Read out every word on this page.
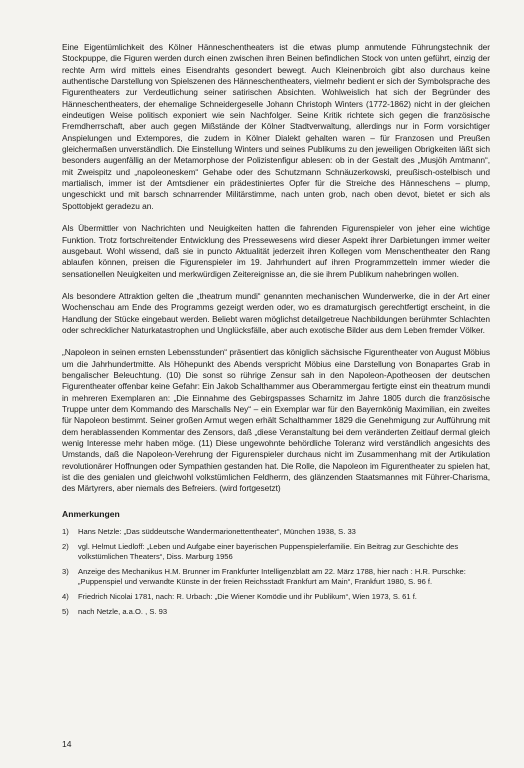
Eine Eigentümlichkeit des Kölner Hänneschentheaters ist die etwas plump anmutende Führungstechnik der Stockpuppe, die Figuren werden durch einen zwischen ihren Beinen befindlichen Stock von unten geführt, einzig der rechte Arm wird mittels eines Eisendrahts gesondert bewegt. Auch Kleinenbroich gibt also durchaus keine authentische Darstellung von Spielszenen des Hänneschentheaters, vielmehr bedient er sich der Symbolsprache des Figurentheaters zur Verdeutlichung seiner satirischen Absichten. Wohlweislich hat sich der Begründer des Hänneschentheaters, der ehemalige Schneidergeselle Johann Christoph Winters (1772-1862) nicht in der gleichen eindeutigen Weise politisch exponiert wie sein Nachfolger. Seine Kritik richtete sich gegen die französische Fremdherrschaft, aber auch gegen Mißstände der Kölner Stadtverwaltung, allerdings nur in Form vorsichtiger Anspielungen und Extempores, die zudem in Kölner Dialekt gehalten waren – für Franzosen und Preußen gleichermaßen unverständlich. Die Einstellung Winters und seines Publikums zu den jeweiligen Obrigkeiten läßt sich besonders augenfällig an der Metamorphose der Polizistenfigur ablesen: ob in der Gestalt des „Musjöh Amtmann“, mit Zweispitz und „napoleoneskem“ Gehabe oder des Schutzmann Schnäuzerkowski, preußisch-ostelbisch und martialisch, immer ist der Amtsdiener ein prädestiniertes Opfer für die Streiche des Hänneschens – plump, ungeschickt und mit barsch schnarrender Militärstimme, nach unten grob, nach oben devot, bietet er sich als Spottobjekt geradezu an.

Als Übermittler von Nachrichten und Neuigkeiten hatten die fahrenden Figurenspieler von jeher eine wichtige Funktion. Trotz fortschreitender Entwicklung des Pressewesens wird dieser Aspekt ihrer Darbietungen immer weiter ausgebaut. Wohl wissend, daß sie in puncto Aktualität jederzeit ihren Kollegen vom Menschentheater den Rang ablaufen können, preisen die Figurenspieler im 19. Jahrhundert auf ihren Programmzetteln immer wieder die sensationellen Neuigkeiten und merkwürdigen Zeitereignisse an, die sie ihrem Publikum nahebringen wollen.

Als besondere Attraktion gelten die „theatrum mundi“ genannten mechanischen Wunderwerke, die in der Art einer Wochenschau am Ende des Programms gezeigt werden oder, wo es dramaturgisch gerechtfertigt erscheint, in die Handlung der Stücke eingebaut werden. Beliebt waren möglichst detailgetreue Nachbildungen berühmter Schlachten oder schrecklicher Naturkatastrophen und Unglücksfälle, aber auch exotische Bilder aus dem Leben fremder Völker.

„Napoleon in seinen ernsten Lebensstunden“ präsentiert das königlich sächsische Figurentheater von August Möbius um die Jahrhundertmitte. Als Höhepunkt des Abends verspricht Möbius eine Darstellung von Bonapartes Grab in bengalischer Beleuchtung. (10) Die sonst so rührige Zensur sah in den Napoleon-Apotheosen der deutschen Figurentheater offenbar keine Gefahr: Ein Jakob Schalthammer aus Oberammergau fertigte einst ein theatrum mundi in mehreren Exemplaren an: „Die Einnahme des Gebirgspasses Scharnitz im Jahre 1805 durch die französische Truppe unter dem Kommando des Marschalls Ney“ – ein Exemplar war für den Bayernkönig Maximilian, ein zweites für Napoleon bestimmt. Seiner großen Armut wegen erhält Schalthammer 1829 die Genehmigung zur Aufführung mit dem herablassenden Kommentar des Zensors, daß „diese Veranstaltung bei dem veränderten Zeitlauf dermal gleich wenig Interesse mehr haben möge. (11) Diese ungewohnte behördliche Toleranz wird verständlich angesichts des Umstands, daß die Napoleon-Verehrung der Figurenspieler durchaus nicht im Zusammenhang mit der Artikulation revolutionärer Hoffnungen oder Sympathien gestanden hat. Die Rolle, die Napoleon im Figurentheater zu spielen hat, ist die des genialen und gleichwohl volkstümlichen Feldherrn, des glänzenden Staatsmannes mit Führer-Charisma, des Märtyrers, aber niemals des Befreiers. (wird fortgesetzt)

Anmerkungen
1)	Hans Netzle: „Das süddeutsche Wandermarionettentheater“, München 1938, S. 33
2)	vgl. Helmut Liedloff: „Leben und Aufgabe einer bayerischen Puppenspielerfamilie. Ein Beitrag zur Geschichte des volkstümlichen Theaters“, Diss. Marburg 1956
3)	Anzeige des Mechanikus H.M. Brunner im Frankfurter Intelligenzblatt am 22. März 1788, hier nach : H.R. Purschke: „Puppenspiel und verwandte Künste in der freien Reichsstadt Frankfurt am Main“, Frankfurt 1980, S. 96 f.
4)	Friedrich Nicolai 1781, nach: R. Urbach: „Die Wiener Komödie und ihr Publikum“, Wien 1973, S. 61 f.
5)	nach Netzle, a.a.O. , S. 93
14
